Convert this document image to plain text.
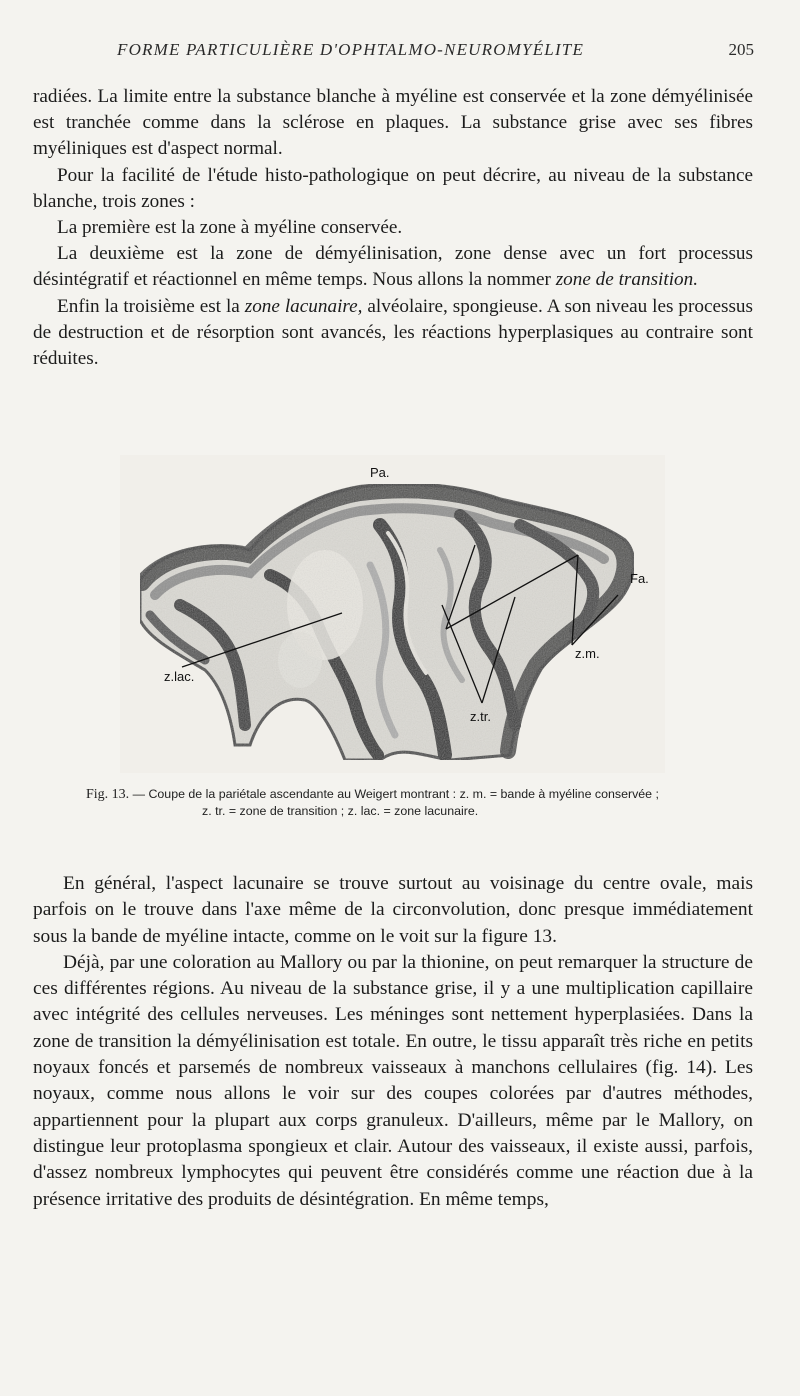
FORME PARTICULIÈRE D'OPHTALMO-NEUROMYÉLITE	205

radiées. La limite entre la substance blanche à myéline est conservée et la zone démyélinisée est tranchée comme dans la sclérose en plaques. La substance grise avec ses fibres myéliniques est d'aspect normal.

Pour la facilité de l'étude histo-pathologique on peut décrire, au niveau de la substance blanche, trois zones :

La première est la zone à myéline conservée.

La deuxième est la zone de démyélinisation, zone dense avec un fort processus désintégratif et réactionnel en même temps. Nous allons la nommer zone de transition.

Enfin la troisième est la zone lacunaire, alvéolaire, spongieuse. A son niveau les processus de destruction et de résorption sont avancés, les réactions hyperplasiques au contraire sont réduites.

Pa.
Fa.
z.m.
z.lac.
z.tr.
Fig. 13. — Coupe de la pariétale ascendante au Weigert montrant : z. m. = bande à myéline conservée ;
z. tr. = zone de transition ; z. lac. = zone lacunaire.

En général, l'aspect lacunaire se trouve surtout au voisinage du centre ovale, mais parfois on le trouve dans l'axe même de la circonvolution, donc presque immédiatement sous la bande de myéline intacte, comme on le voit sur la figure 13.

Déjà, par une coloration au Mallory ou par la thionine, on peut remarquer la structure de ces différentes régions. Au niveau de la substance grise, il y a une multiplication capillaire avec intégrité des cellules nerveuses. Les méninges sont nettement hyperplasiées. Dans la zone de transition la démyélinisation est totale. En outre, le tissu apparaît très riche en petits noyaux foncés et parsemés de nombreux vaisseaux à manchons cellulaires (fig. 14). Les noyaux, comme nous allons le voir sur des coupes colorées par d'autres méthodes, appartiennent pour la plupart aux corps granuleux. D'ailleurs, même par le Mallory, on distingue leur protoplasma spongieux et clair. Autour des vaisseaux, il existe aussi, parfois, d'assez nombreux lymphocytes qui peuvent être considérés comme une réaction due à la présence irritative des produits de désintégration. En même temps,
